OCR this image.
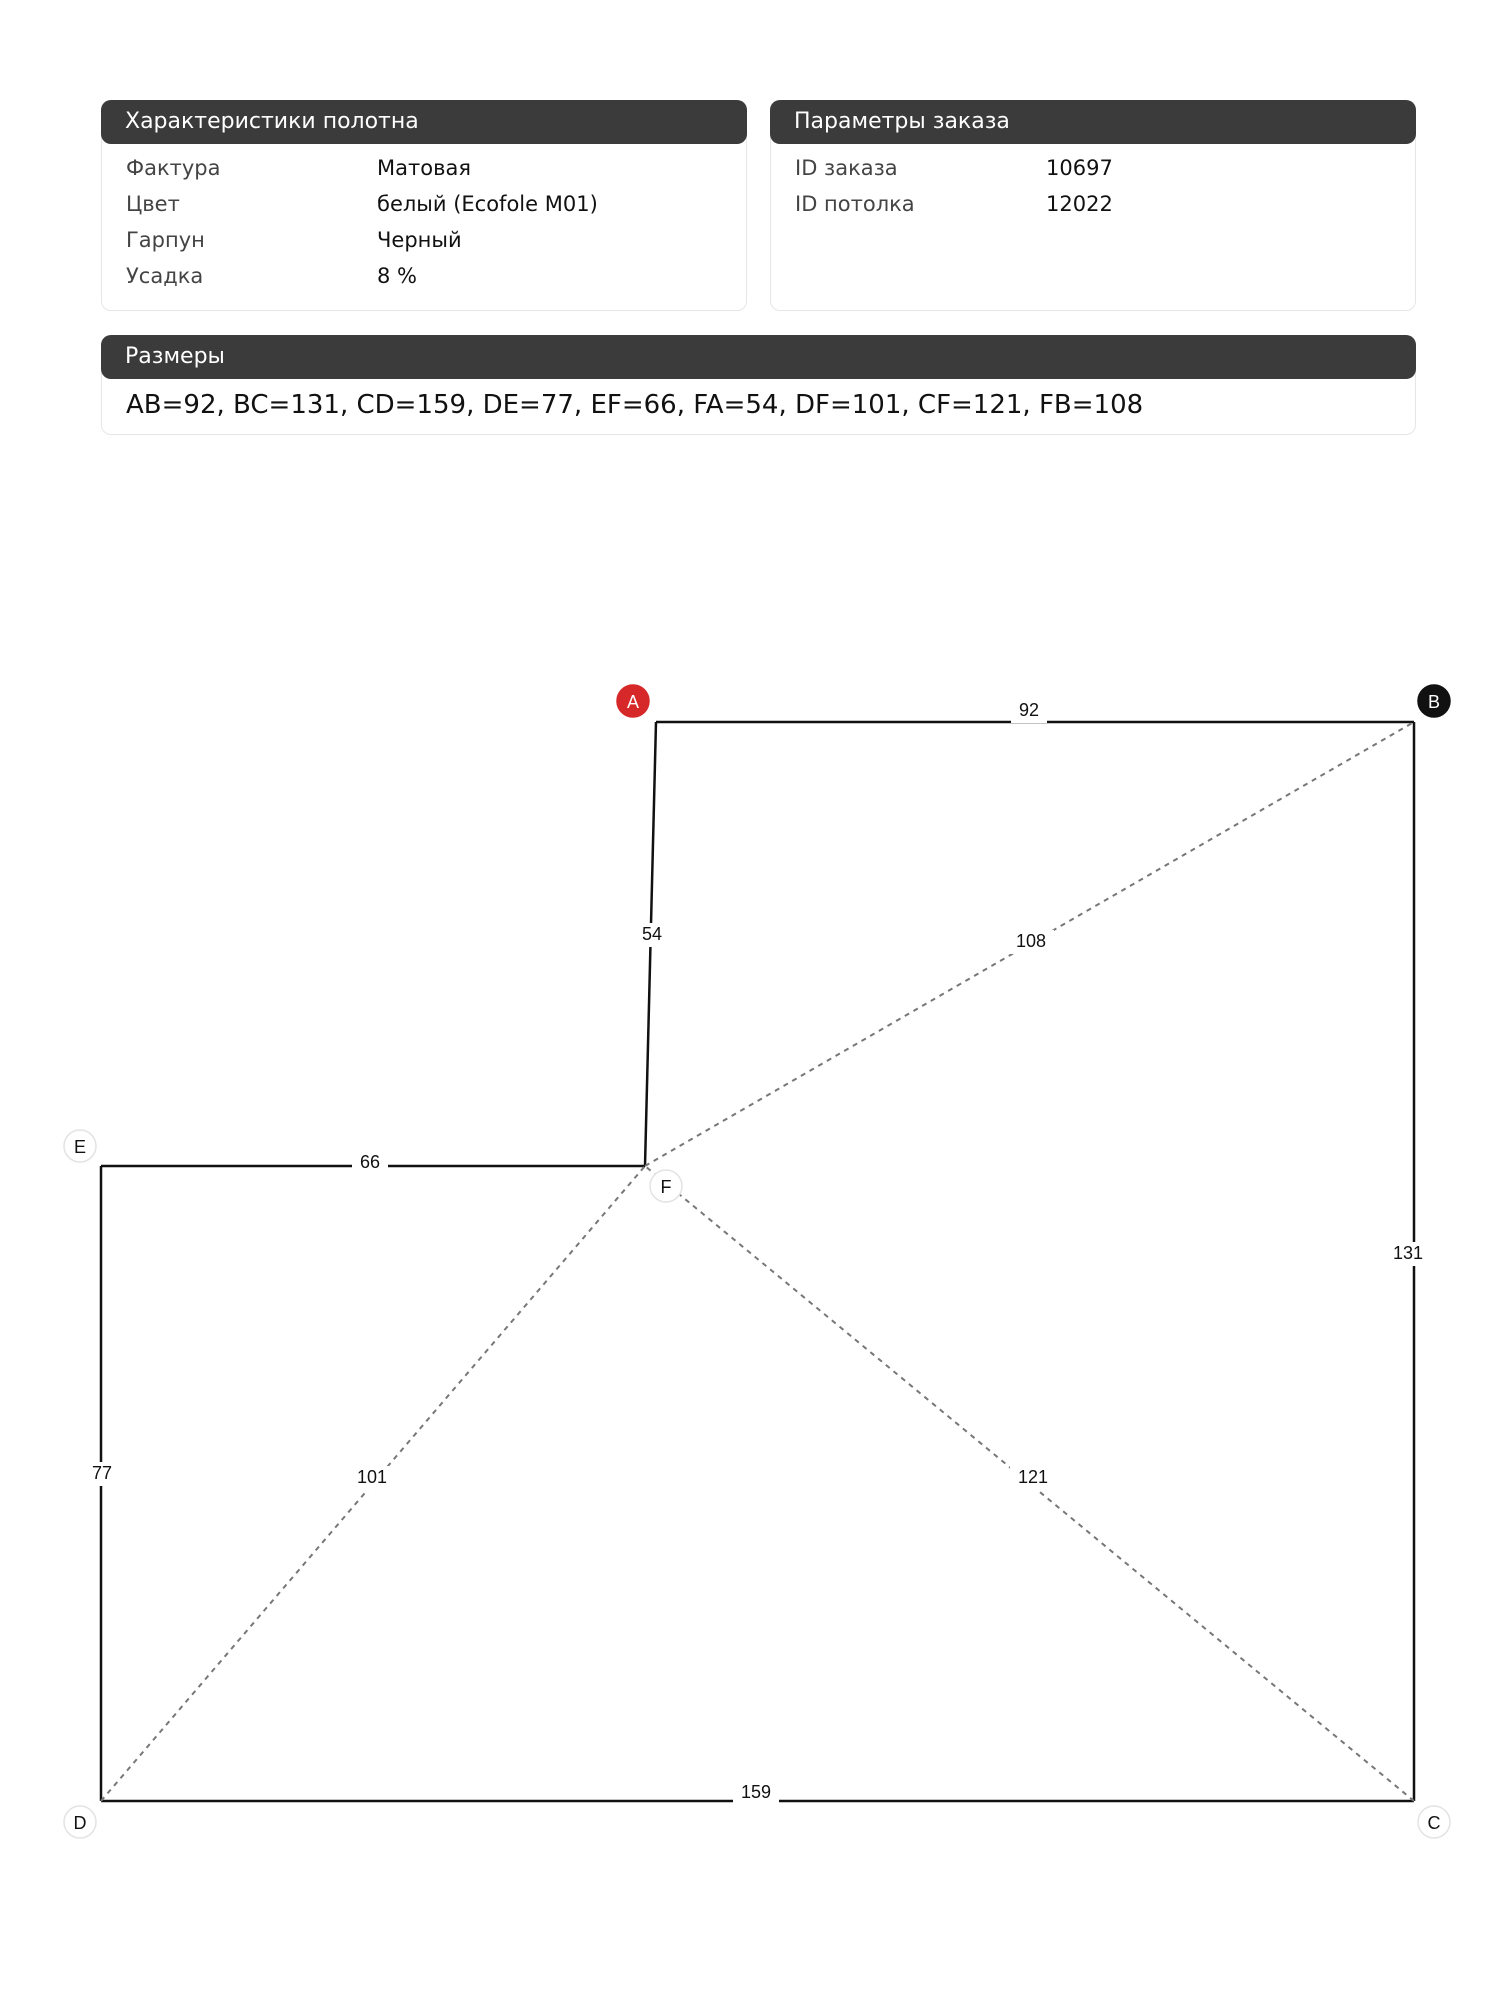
Характеристики полотна
Фактура	Матовая
Цвет	белый (Ecofole M01)
Гарпун	Черный
Усадка	8 %
Параметры заказа
ID заказа	10697
ID потолка	12022
Размеры
AB=92, BC=131, CD=159, DE=77, EF=66, FA=54, DF=101, CF=121, FB=108
92
131
159
77
66
54
101	121
108
A	B
C
D
E
F
